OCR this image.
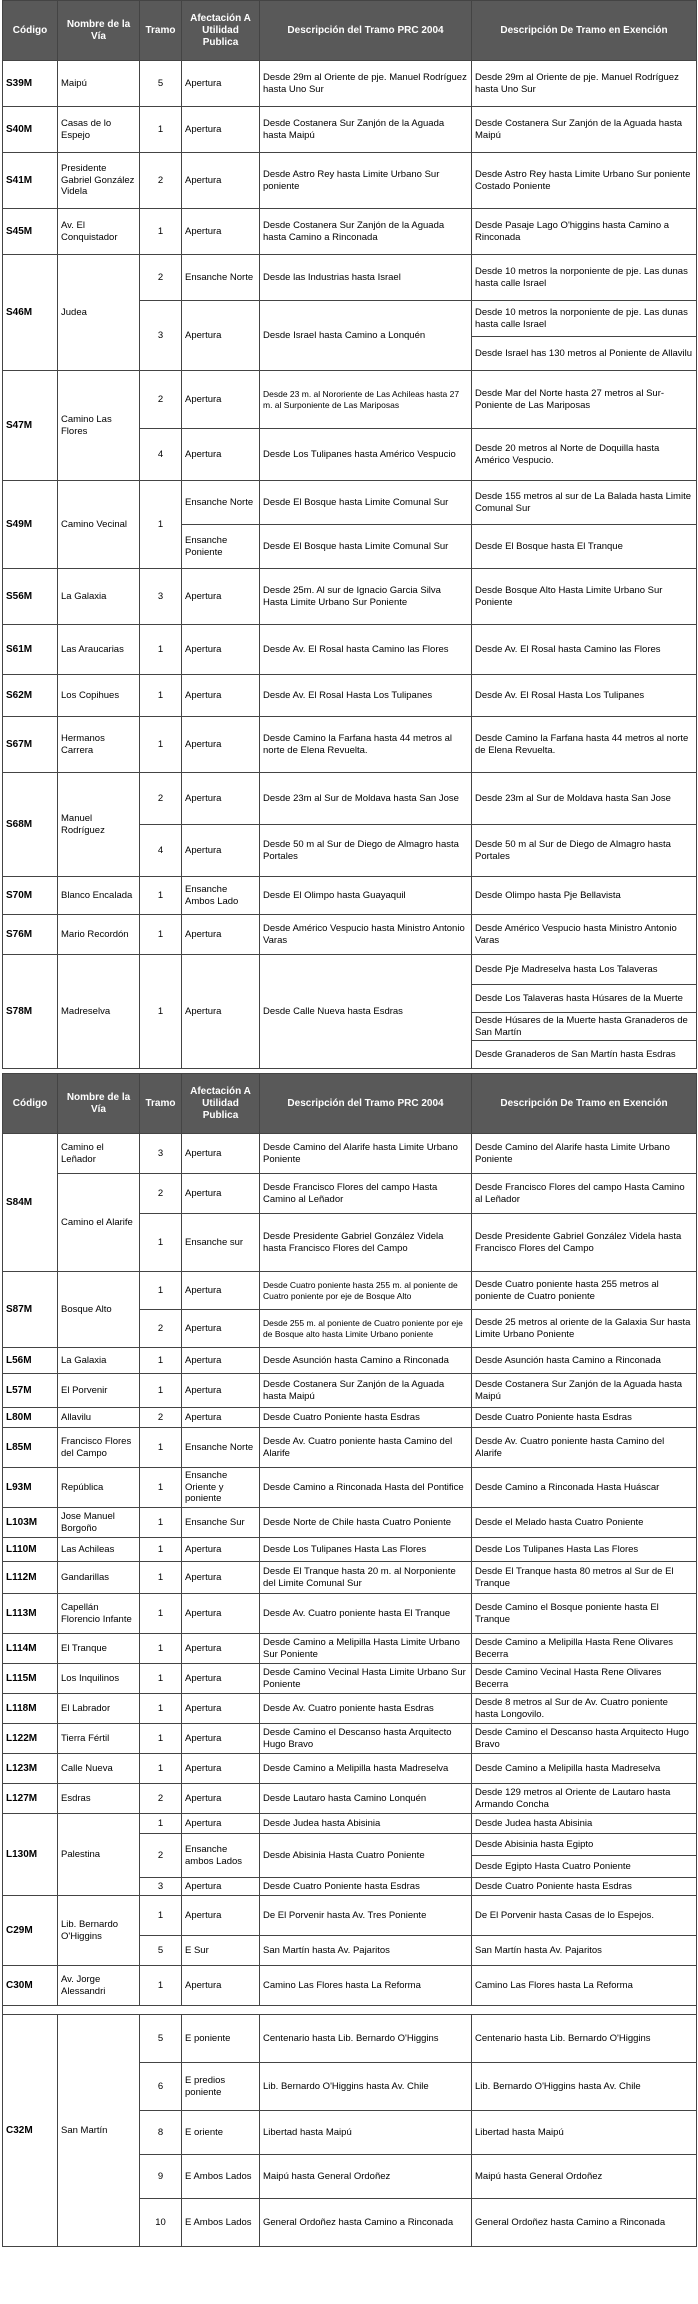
Código	Nombre de la Vía	Tramo	Afectación A Utilidad Publica	Descripción del Tramo PRC 2004	Descripción De Tramo en Exención
S39M	Maipú	5	Apertura	Desde 29m al Oriente de pje. Manuel Rodríguez hasta Uno Sur	Desde 29m al Oriente de pje. Manuel Rodríguez hasta Uno Sur
S40M	Casas de lo Espejo	1	Apertura	Desde Costanera Sur Zanjón de la Aguada hasta Maipú	Desde Costanera Sur Zanjón de la Aguada hasta Maipú
S41M	Presidente Gabriel González Videla	2	Apertura	Desde Astro Rey hasta Limite Urbano Sur poniente	Desde Astro Rey hasta Limite Urbano Sur poniente Costado Poniente
S45M	Av. El Conquistador	1	Apertura	Desde Costanera Sur Zanjón de la Aguada hasta Camino a Rinconada	Desde Pasaje Lago O'higgins hasta Camino a Rinconada
S46M	Judea	2	Ensanche Norte	Desde las Industrias hasta Israel	Desde 10 metros la norponiente de pje. Las dunas hasta calle Israel
		3	Apertura	Desde Israel hasta Camino a Lonquén	Desde 10 metros la norponiente de pje. Las dunas hasta calle Israel
					Desde Israel has 130 metros al Poniente de Allavilu
S47M	Camino Las Flores	2	Apertura	Desde 23 m. al Nororiente de Las Achileas hasta 27 m. al Surponiente de Las Mariposas	Desde Mar del Norte hasta 27 metros al Sur-Poniente de Las Mariposas
		4	Apertura	Desde Los Tulipanes hasta Américo Vespucio	Desde 20 metros al Norte de Doquilla hasta Américo Vespucio.
S49M	Camino Vecinal	1	Ensanche Norte	Desde El Bosque hasta Limite Comunal Sur	Desde 155 metros al sur de La Balada hasta Limite Comunal Sur
			Ensanche Poniente	Desde El Bosque hasta Limite Comunal Sur	Desde El Bosque hasta El Tranque
S56M	La Galaxia	3	Apertura	Desde 25m. Al sur de Ignacio Garcia Silva Hasta Limite Urbano Sur Poniente	Desde Bosque Alto Hasta Limite Urbano Sur Poniente
S61M	Las Araucarias	1	Apertura	Desde Av. El Rosal hasta Camino las Flores	Desde Av. El Rosal hasta Camino las Flores
S62M	Los Copihues	1	Apertura	Desde Av. El Rosal Hasta Los Tulipanes	Desde Av. El Rosal Hasta Los Tulipanes
S67M	Hermanos Carrera	1	Apertura	Desde Camino la Farfana hasta 44 metros al norte de Elena Revuelta.	Desde Camino la Farfana hasta 44 metros al norte de Elena Revuelta.
S68M	Manuel Rodríguez	2	Apertura	Desde 23m al Sur de Moldava hasta San Jose	Desde 23m al Sur de Moldava hasta San Jose
		4	Apertura	Desde 50 m al Sur de Diego de Almagro hasta Portales	Desde 50 m al Sur de Diego de Almagro hasta Portales
S70M	Blanco Encalada	1	Ensanche Ambos Lado	Desde El Olimpo hasta Guayaquil	Desde Olimpo hasta Pje Bellavista
S76M	Mario Recordón	1	Apertura	Desde Américo Vespucio hasta Ministro Antonio Varas	Desde Américo Vespucio hasta Ministro Antonio Varas
S78M	Madreselva	1	Apertura	Desde Calle Nueva hasta Esdras	Desde Pje Madreselva hasta Los Talaveras
					Desde Los Talaveras hasta Húsares de la Muerte
					Desde Húsares de la Muerte hasta Granaderos de San Martín
					Desde Granaderos de San Martín hasta Esdras
Código	Nombre de la Vía	Tramo	Afectación A Utilidad Publica	Descripción del Tramo PRC 2004	Descripción De Tramo en Exención
S84M	Camino el Leñador	3	Apertura	Desde Camino del Alarife hasta Limite Urbano Poniente	Desde Camino del Alarife hasta Limite Urbano Poniente
	Camino el Alarife	2	Apertura	Desde Francisco Flores del campo Hasta Camino al Leñador	Desde Francisco Flores del campo Hasta Camino al Leñador
		1	Ensanche sur	Desde Presidente Gabriel González Videla hasta Francisco Flores del Campo	Desde Presidente Gabriel González Videla hasta Francisco Flores del Campo
S87M	Bosque Alto	1	Apertura	Desde Cuatro poniente hasta 255 m. al poniente de Cuatro poniente por eje de Bosque Alto	Desde Cuatro poniente hasta 255 metros al poniente de Cuatro poniente
		2	Apertura	Desde 255 m. al poniente de Cuatro poniente por eje de Bosque alto hasta Limite Urbano poniente	Desde 25 metros al oriente de la Galaxia Sur hasta Limite Urbano Poniente
L56M	La Galaxia	1	Apertura	Desde Asunción hasta Camino a Rinconada	Desde Asunción hasta Camino a Rinconada
L57M	El Porvenir	1	Apertura	Desde Costanera Sur Zanjón de la Aguada hasta Maipú	Desde Costanera Sur Zanjón de la Aguada hasta Maipú
L80M	Allavilu	2	Apertura	Desde Cuatro Poniente hasta Esdras	Desde Cuatro Poniente hasta Esdras
L85M	Francisco Flores del Campo	1	Ensanche Norte	Desde Av. Cuatro poniente hasta Camino del Alarife	Desde Av. Cuatro poniente hasta Camino del Alarife
L93M	República	1	Ensanche Oriente y poniente	Desde Camino a Rinconada Hasta del Pontifice	Desde Camino a Rinconada Hasta Huáscar
L103M	Jose Manuel Borgoño	1	Ensanche Sur	Desde Norte de Chile hasta Cuatro Poniente	Desde el Melado hasta Cuatro Poniente
L110M	Las Achileas	1	Apertura	Desde Los Tulipanes Hasta Las Flores	Desde Los Tulipanes Hasta Las Flores
L112M	Gandarillas	1	Apertura	Desde El Tranque hasta 20 m. al Norponiente del Limite Comunal Sur	Desde El Tranque hasta 80 metros al Sur de El Tranque
L113M	Capellán Florencio Infante	1	Apertura	Desde Av. Cuatro poniente hasta El Tranque	Desde Camino el Bosque poniente hasta El Tranque
L114M	El Tranque	1	Apertura	Desde Camino a Melipilla Hasta Limite Urbano Sur Poniente	Desde Camino a Melipilla Hasta Rene Olivares Becerra
L115M	Los Inquilinos	1	Apertura	Desde Camino Vecinal Hasta Limite Urbano Sur Poniente	Desde Camino Vecinal Hasta Rene Olivares Becerra
L118M	El Labrador	1	Apertura	Desde Av. Cuatro poniente hasta Esdras	Desde 8 metros al Sur de Av. Cuatro poniente hasta Longovilo.
L122M	Tierra Fértil	1	Apertura	Desde Camino el Descanso hasta Arquitecto Hugo Bravo	Desde Camino el Descanso hasta Arquitecto Hugo Bravo
L123M	Calle Nueva	1	Apertura	Desde Camino a Melipilla hasta Madreselva	Desde Camino a Melipilla hasta Madreselva
L127M	Esdras	2	Apertura	Desde Lautaro hasta Camino Lonquén	Desde 129 metros al Oriente de Lautaro hasta Armando Concha
L130M	Palestina	1	Apertura	Desde Judea hasta Abisinia	Desde Judea hasta Abisinia
		2	Ensanche ambos Lados	Desde Abisinia Hasta Cuatro Poniente	Desde Abisinia hasta Egipto
					Desde Egipto Hasta Cuatro Poniente
		3	Apertura	Desde Cuatro Poniente hasta Esdras	Desde Cuatro Poniente hasta Esdras
C29M	Lib. Bernardo O'Higgins	1	Apertura	De El Porvenir hasta Av. Tres Poniente	De El Porvenir hasta Casas de lo Espejos.
		5	E Sur	San Martín hasta Av. Pajaritos	San Martín hasta Av. Pajaritos
C30M	Av. Jorge Alessandri	1	Apertura	Camino Las Flores hasta La Reforma	Camino Las Flores hasta La Reforma

C32M	San Martín	5	E poniente	Centenario hasta Lib. Bernardo O'Higgins	Centenario hasta Lib. Bernardo O'Higgins
		6	E predios poniente	Lib. Bernardo O'Higgins hasta Av. Chile	Lib. Bernardo O'Higgins hasta Av. Chile
		8	E oriente	Libertad hasta Maipú	Libertad hasta Maipú
		9	E Ambos Lados	Maipú hasta General Ordoñez	Maipú hasta General Ordoñez
		10	E Ambos Lados	General Ordoñez hasta Camino a Rinconada	General Ordoñez hasta Camino a Rinconada
